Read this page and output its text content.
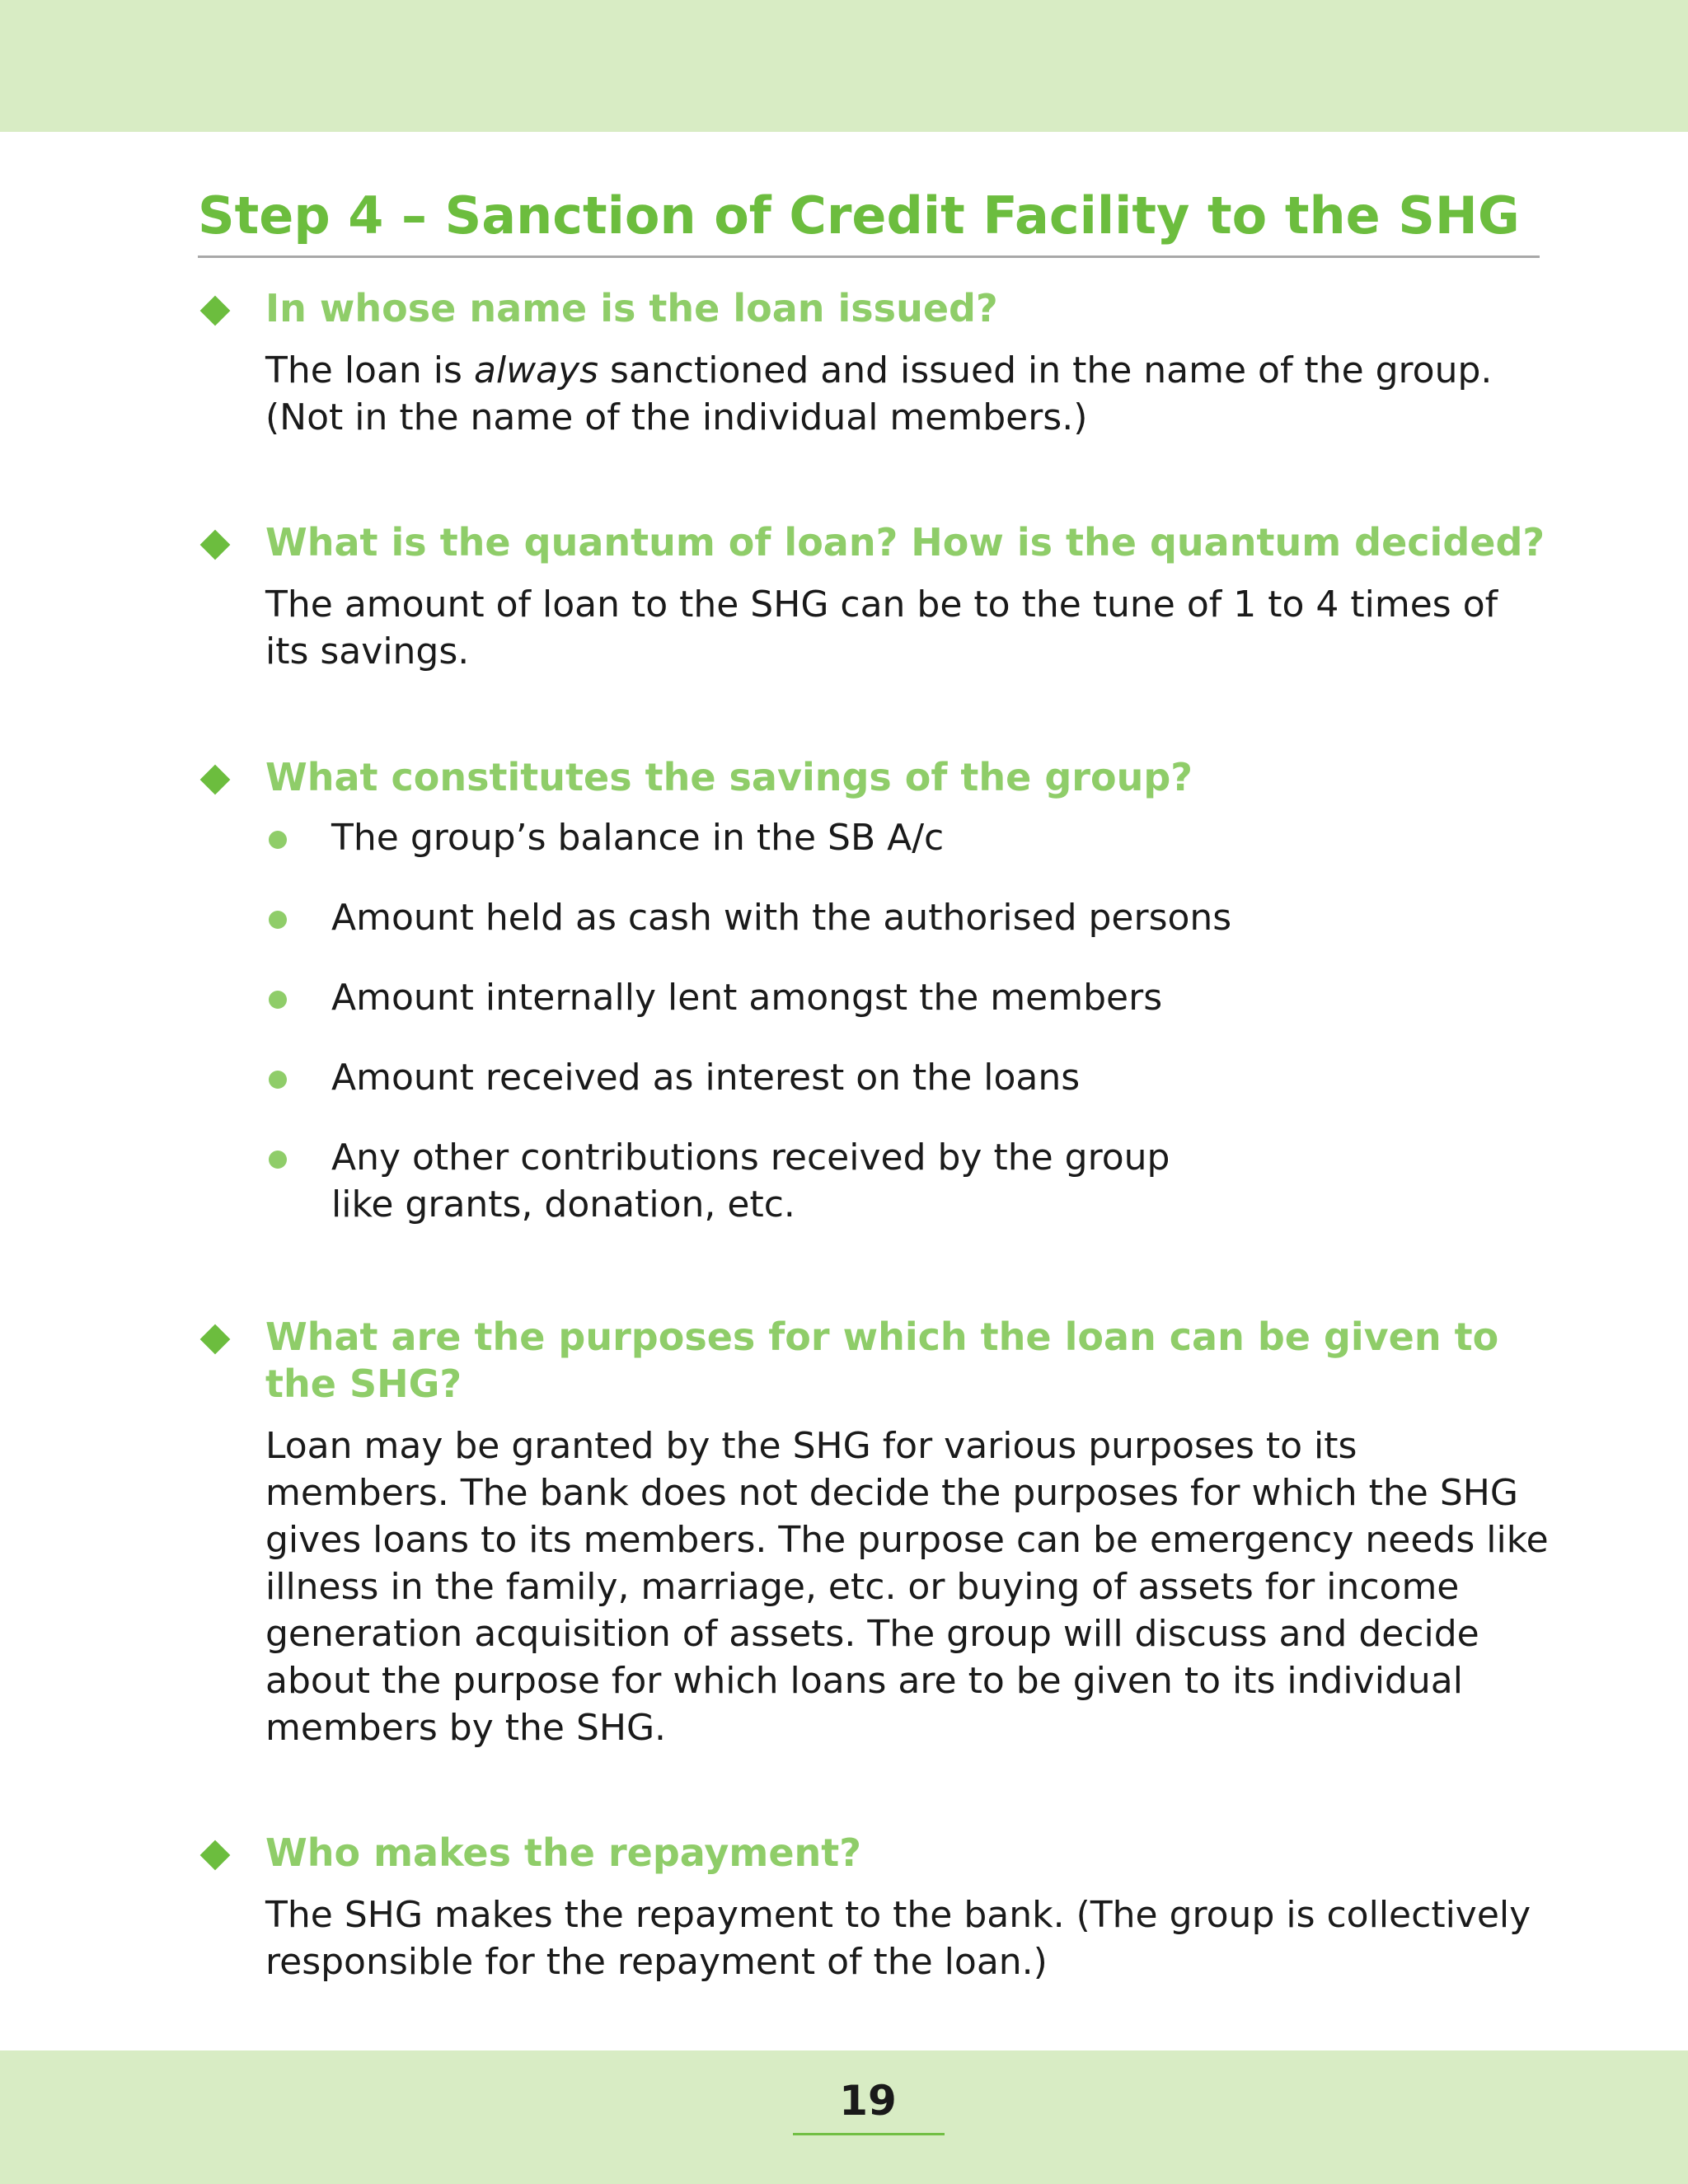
Step 4 – Sanction of Credit Facility to the SHG
In whose name is the loan issued?

The loan is always sanctioned and issued in the name of the group. (Not in the name of the individual members.)

What is the quantum of loan? How is the quantum decided?

The amount of loan to the SHG can be to the tune of 1 to 4 times of its savings.

What constitutes the savings of the group?
The group’s balance in the SB A/c
Amount held as cash with the authorised persons
Amount internally lent amongst the members
Amount received as interest on the loans
Any other contributions received by the group like grants, donation, etc.
What are the purposes for which the loan can be given to the SHG?

Loan may be granted by the SHG for various purposes to its members. The bank does not decide the purposes for which the SHG gives loans to its members. The purpose can be emergency needs like illness in the family, marriage, etc. or buying of assets for income generation acquisition of assets. The group will discuss and decide about the purpose for which loans are to be given to its individual members by the SHG.

Who makes the repayment?

The SHG makes the repayment to the bank. (The group is collectively responsible for the repayment of the loan.)

19
